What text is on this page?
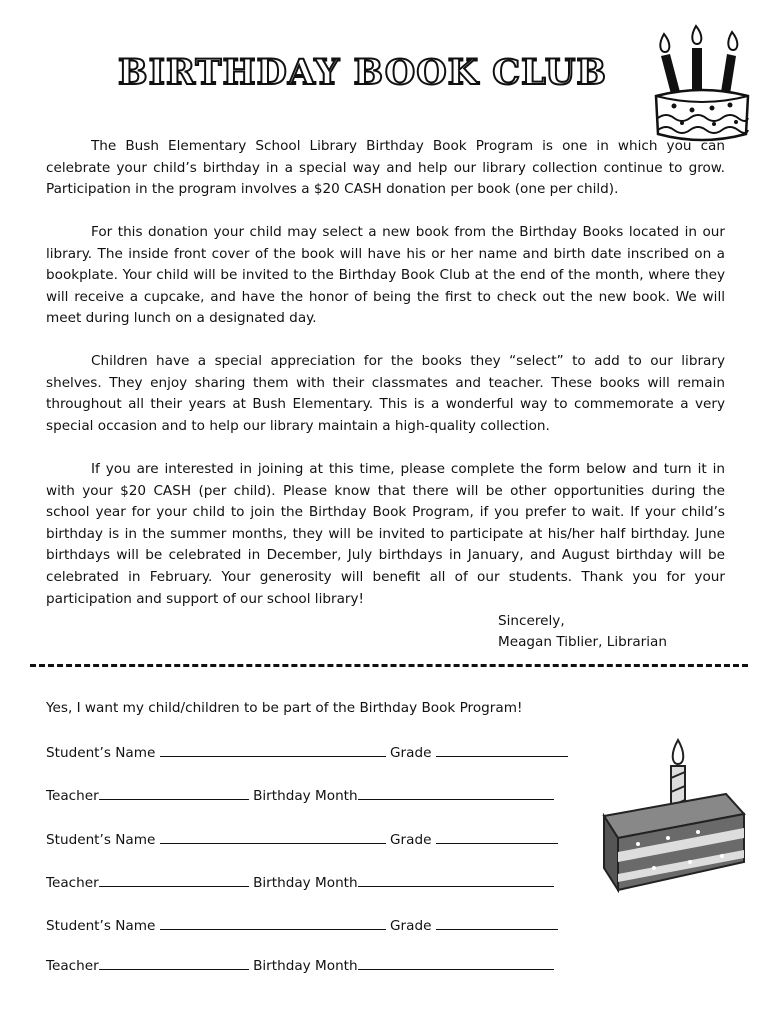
BIRTHDAY BOOK CLUB

The Bush Elementary School Library Birthday Book Program is one in which you can celebrate your child’s birthday in a special way and help our library collection continue to grow. Participation in the program involves a $20 CASH donation per book (one per child).

For this donation your child may select a new book from the Birthday Books located in our library. The inside front cover of the book will have his or her name and birth date inscribed on a bookplate. Your child will be invited to the Birthday Book Club at the end of the month, where they will receive a cupcake, and have the honor of being the first to check out the new book. We will meet during lunch on a designated day.

Children have a special appreciation for the books they “select” to add to our library shelves. They enjoy sharing them with their classmates and teacher. These books will remain throughout all their years at Bush Elementary. This is a wonderful way to commemorate a very special occasion and to help our library maintain a high-quality collection.

If you are interested in joining at this time, please complete the form below and turn it in with your $20 CASH (per child). Please know that there will be other opportunities during the school year for your child to join the Birthday Book Program, if you prefer to wait. If your child’s birthday is in the summer months, they will be invited to participate at his/her half birthday. June birthdays will be celebrated in December, July birthdays in January, and August birthday will be celebrated in February. Your generosity will benefit all of our students. Thank you for your participation and support of our school library!

Sincerely,
Meagan Tiblier, Librarian
Yes, I want my child/children to be part of the Birthday Book Program!
Student’s Name	Grade
Teacher	Birthday Month
Student’s Name	Grade
Teacher	Birthday Month
Student’s Name	Grade
Teacher	Birthday Month
